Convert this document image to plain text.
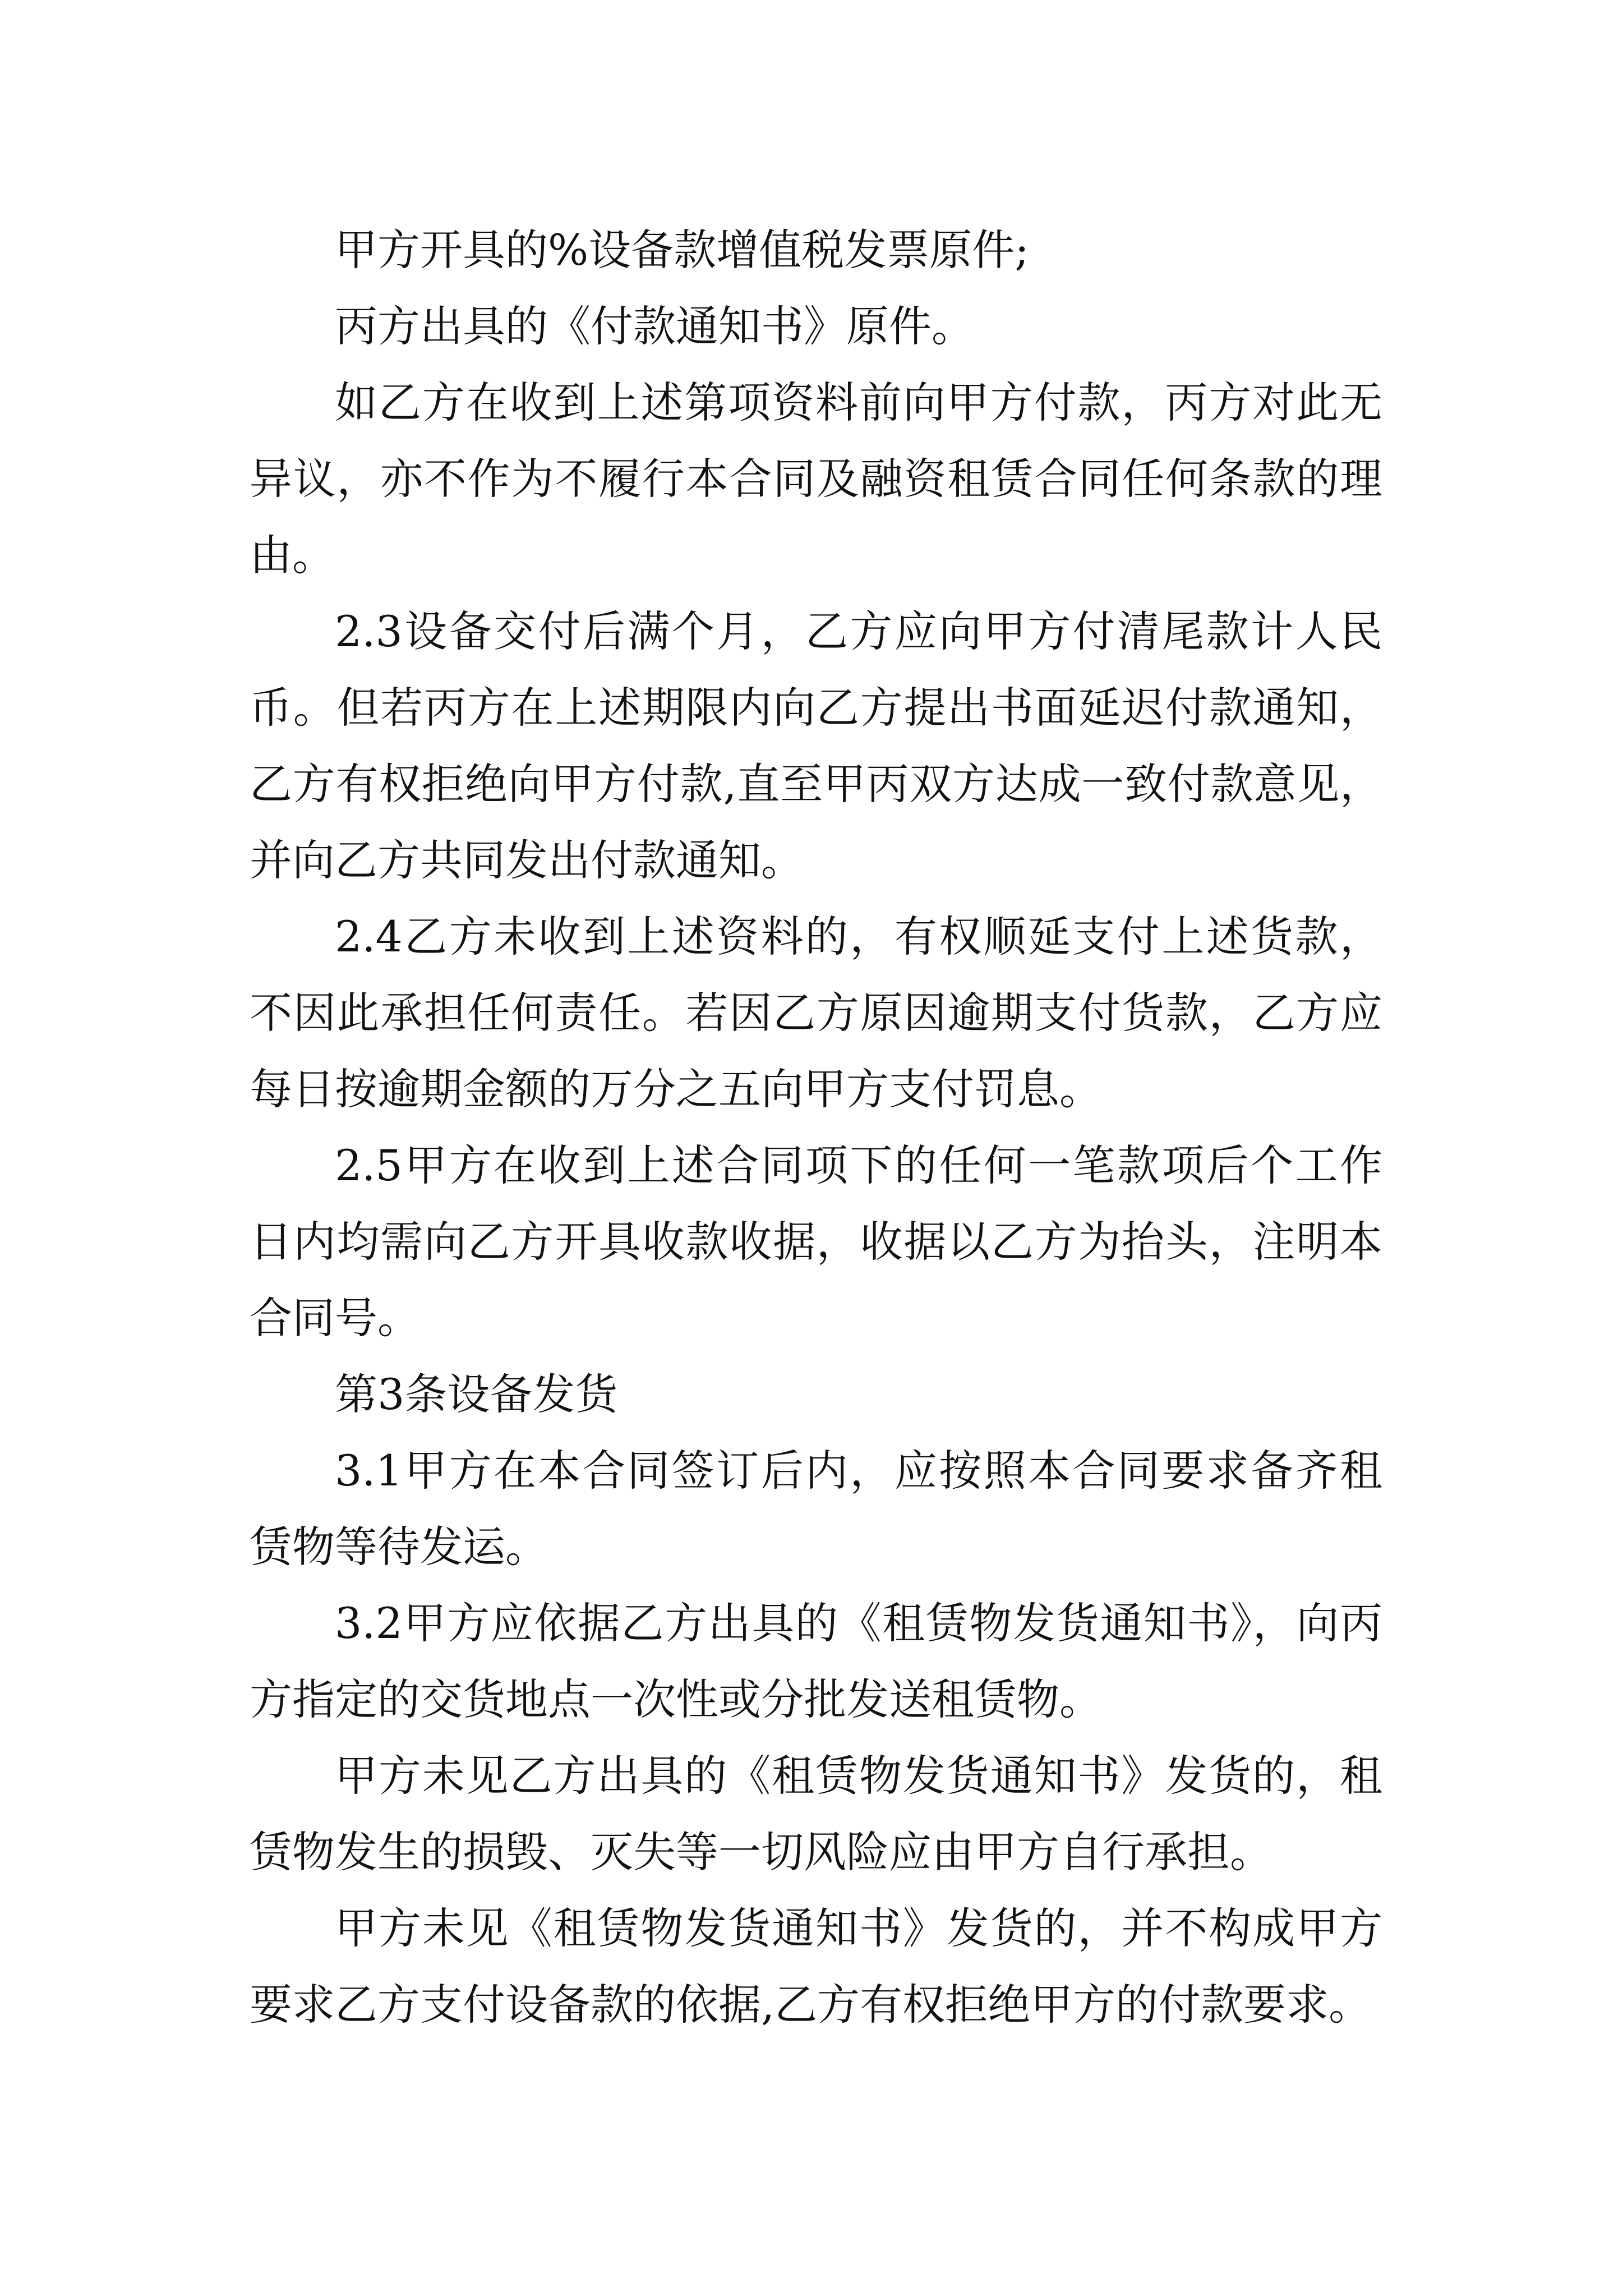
甲方开具的%设备款增值税发票原件;

丙方出具的《付款通知书》原件。

如乙方在收到上述第项资料前向甲方付款，丙方对此无异议，亦不作为不履行本合同及融资租赁合同任何条款的理由。

2.3设备交付后满个月，乙方应向甲方付清尾款计人民币。但若丙方在上述期限内向乙方提出书面延迟付款通知，乙方有权拒绝向甲方付款,直至甲丙双方达成一致付款意见，并向乙方共同发出付款通知。

2.4乙方未收到上述资料的，有权顺延支付上述货款，不因此承担任何责任。若因乙方原因逾期支付货款，乙方应每日按逾期金额的万分之五向甲方支付罚息。

2.5甲方在收到上述合同项下的任何一笔款项后个工作日内均需向乙方开具收款收据，收据以乙方为抬头，注明本合同号。

第3条设备发货

3.1甲方在本合同签订后内，应按照本合同要求备齐租赁物等待发运。

3.2甲方应依据乙方出具的《租赁物发货通知书》，向丙方指定的交货地点一次性或分批发送租赁物。

甲方未见乙方出具的《租赁物发货通知书》发货的，租赁物发生的损毁、灭失等一切风险应由甲方自行承担。

甲方未见《租赁物发货通知书》发货的，并不构成甲方要求乙方支付设备款的依据,乙方有权拒绝甲方的付款要求。
